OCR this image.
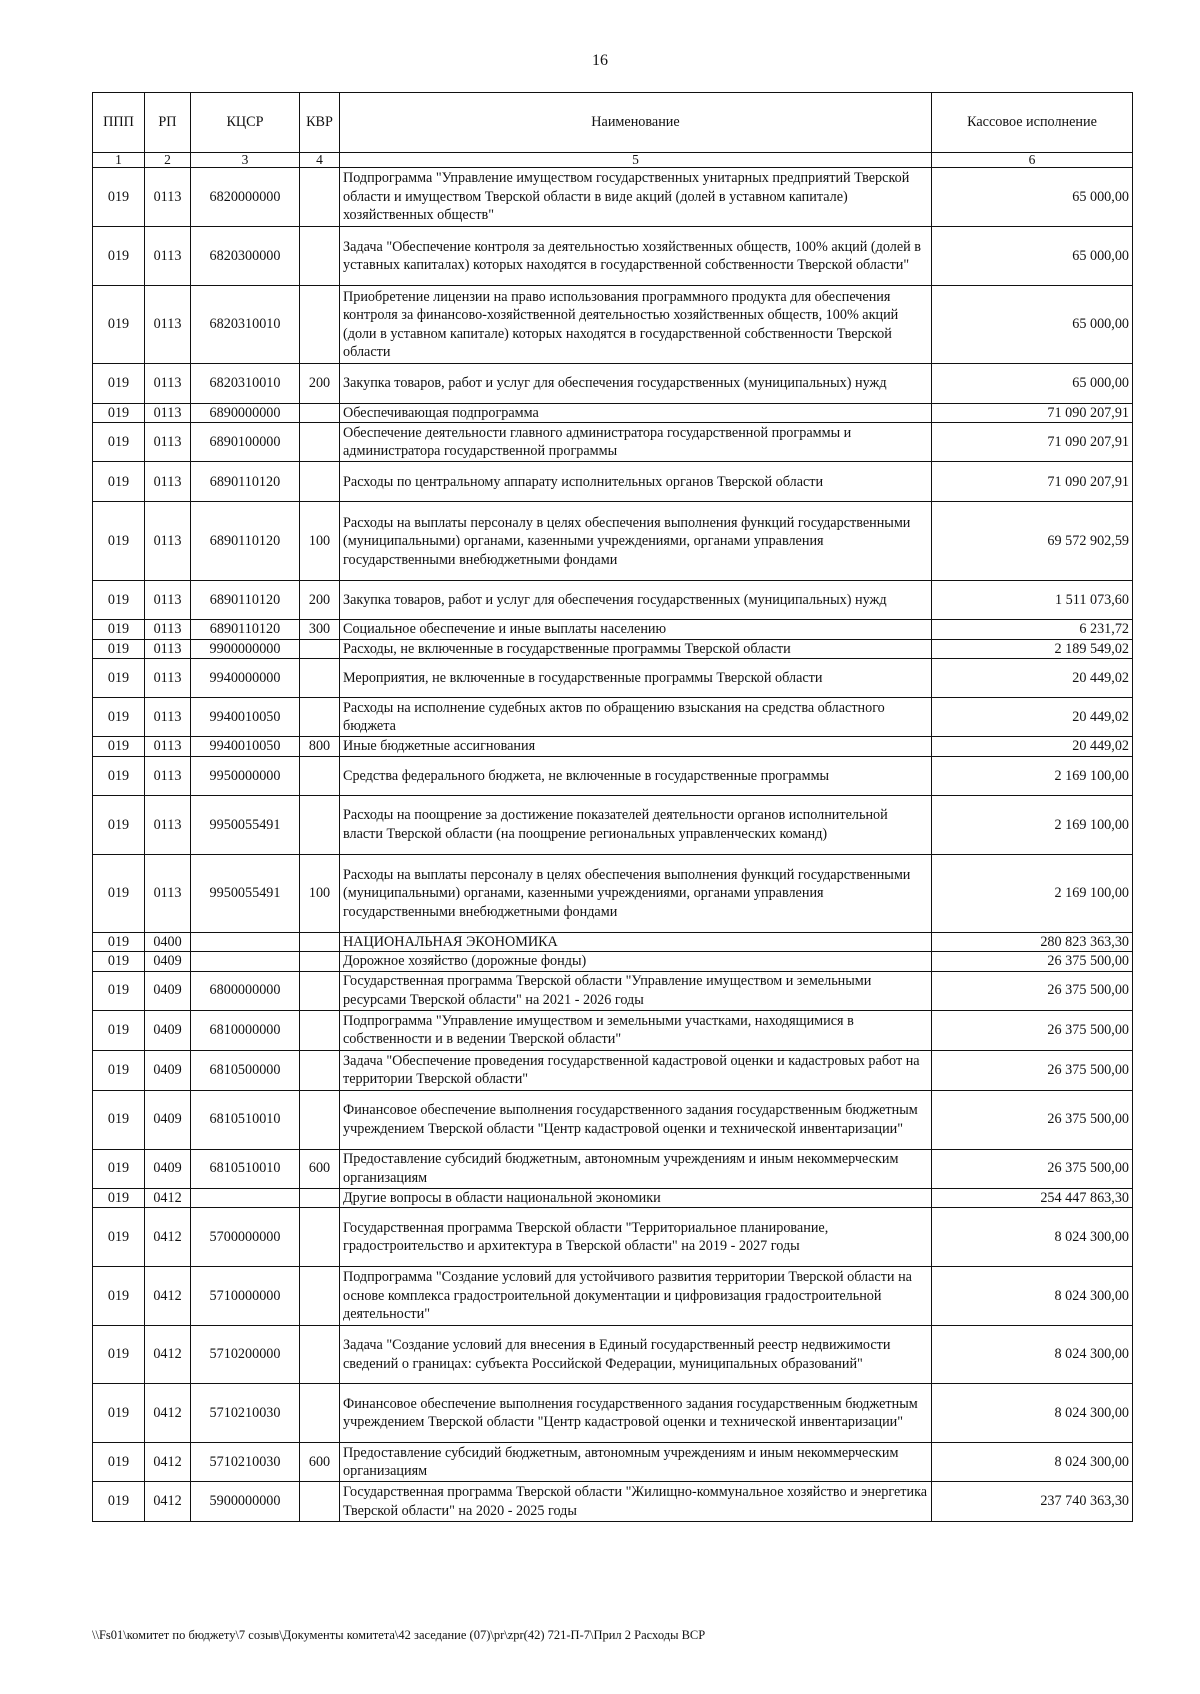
16
ППП	РП	КЦСР	КВР	Наименование	Кассовое исполнение
1	2	3	4	5	6
019	0113	6820000000		Подпрограмма "Управление имуществом государственных унитарных предприятий Тверской области и имуществом Тверской области в виде акций (долей в уставном капитале) хозяйственных обществ"	65 000,00
019	0113	6820300000		Задача "Обеспечение контроля за деятельностью хозяйственных обществ, 100% акций (долей в уставных капиталах) которых находятся в государственной собственности Тверской области"	65 000,00
019	0113	6820310010		Приобретение лицензии на право использования программного продукта для обеспечения контроля за финансово-хозяйственной деятельностью хозяйственных обществ, 100% акций (доли в уставном капитале) которых находятся в государственной собственности Тверской области	65 000,00
019	0113	6820310010	200	Закупка товаров, работ и услуг для обеспечения государственных (муниципальных) нужд	65 000,00
019	0113	6890000000		Обеспечивающая подпрограмма	71 090 207,91
019	0113	6890100000		Обеспечение деятельности главного администратора государственной программы и администратора государственной программы	71 090 207,91
019	0113	6890110120		Расходы по центральному аппарату исполнительных органов Тверской области	71 090 207,91
019	0113	6890110120	100	Расходы на выплаты персоналу в целях обеспечения выполнения функций государственными (муниципальными) органами, казенными учреждениями, органами управления государственными внебюджетными фондами	69 572 902,59
019	0113	6890110120	200	Закупка товаров, работ и услуг для обеспечения государственных (муниципальных) нужд	1 511 073,60
019	0113	6890110120	300	Социальное обеспечение и иные выплаты населению	6 231,72
019	0113	9900000000		Расходы, не включенные в государственные программы Тверской области	2 189 549,02
019	0113	9940000000		Мероприятия, не включенные в государственные программы Тверской области	20 449,02
019	0113	9940010050		Расходы на исполнение судебных актов по обращению взыскания на средства областного бюджета	20 449,02
019	0113	9940010050	800	Иные бюджетные ассигнования	20 449,02
019	0113	9950000000		Средства федерального бюджета, не включенные в государственные программы	2 169 100,00
019	0113	9950055491		Расходы на поощрение за достижение показателей деятельности органов исполнительной власти Тверской области (на поощрение региональных управленческих команд)	2 169 100,00
019	0113	9950055491	100	Расходы на выплаты персоналу в целях обеспечения выполнения функций государственными (муниципальными) органами, казенными учреждениями, органами управления государственными внебюджетными фондами	2 169 100,00
019	0400			НАЦИОНАЛЬНАЯ ЭКОНОМИКА	280 823 363,30
019	0409			Дорожное хозяйство (дорожные фонды)	26 375 500,00
019	0409	6800000000		Государственная программа Тверской области "Управление имуществом и земельными ресурсами Тверской области" на 2021 - 2026 годы	26 375 500,00
019	0409	6810000000		Подпрограмма "Управление имуществом и земельными участками, находящимися в собственности и в ведении Тверской области"	26 375 500,00
019	0409	6810500000		Задача "Обеспечение проведения государственной кадастровой оценки и кадастровых работ на территории Тверской области"	26 375 500,00
019	0409	6810510010		Финансовое обеспечение выполнения государственного задания государственным бюджетным учреждением Тверской области "Центр кадастровой оценки и технической инвентаризации"	26 375 500,00
019	0409	6810510010	600	Предоставление субсидий бюджетным, автономным учреждениям и иным некоммерческим организациям	26 375 500,00
019	0412			Другие вопросы в области национальной экономики	254 447 863,30
019	0412	5700000000		Государственная программа Тверской области "Территориальное планирование, градостроительство и архитектура в Тверской области" на 2019 - 2027 годы	8 024 300,00
019	0412	5710000000		Подпрограмма "Создание условий для устойчивого развития территории Тверской области на основе комплекса градостроительной документации и цифровизация градостроительной деятельности"	8 024 300,00
019	0412	5710200000		Задача "Создание условий для внесения в Единый государственный реестр недвижимости сведений о границах: субъекта Российской Федерации, муниципальных образований"	8 024 300,00
019	0412	5710210030		Финансовое обеспечение выполнения государственного задания государственным бюджетным учреждением Тверской области "Центр кадастровой оценки и технической инвентаризации"	8 024 300,00
019	0412	5710210030	600	Предоставление субсидий бюджетным, автономным учреждениям и иным некоммерческим организациям	8 024 300,00
019	0412	5900000000		Государственная программа Тверской области "Жилищно-коммунальное хозяйство и энергетика Тверской области" на 2020 - 2025 годы	237 740 363,30
\\Fs01\комитет по бюджету\7 созыв\Документы комитета\42 заседание (07)\pr\zpr(42) 721-П-7\Прил 2 Расходы ВСР
